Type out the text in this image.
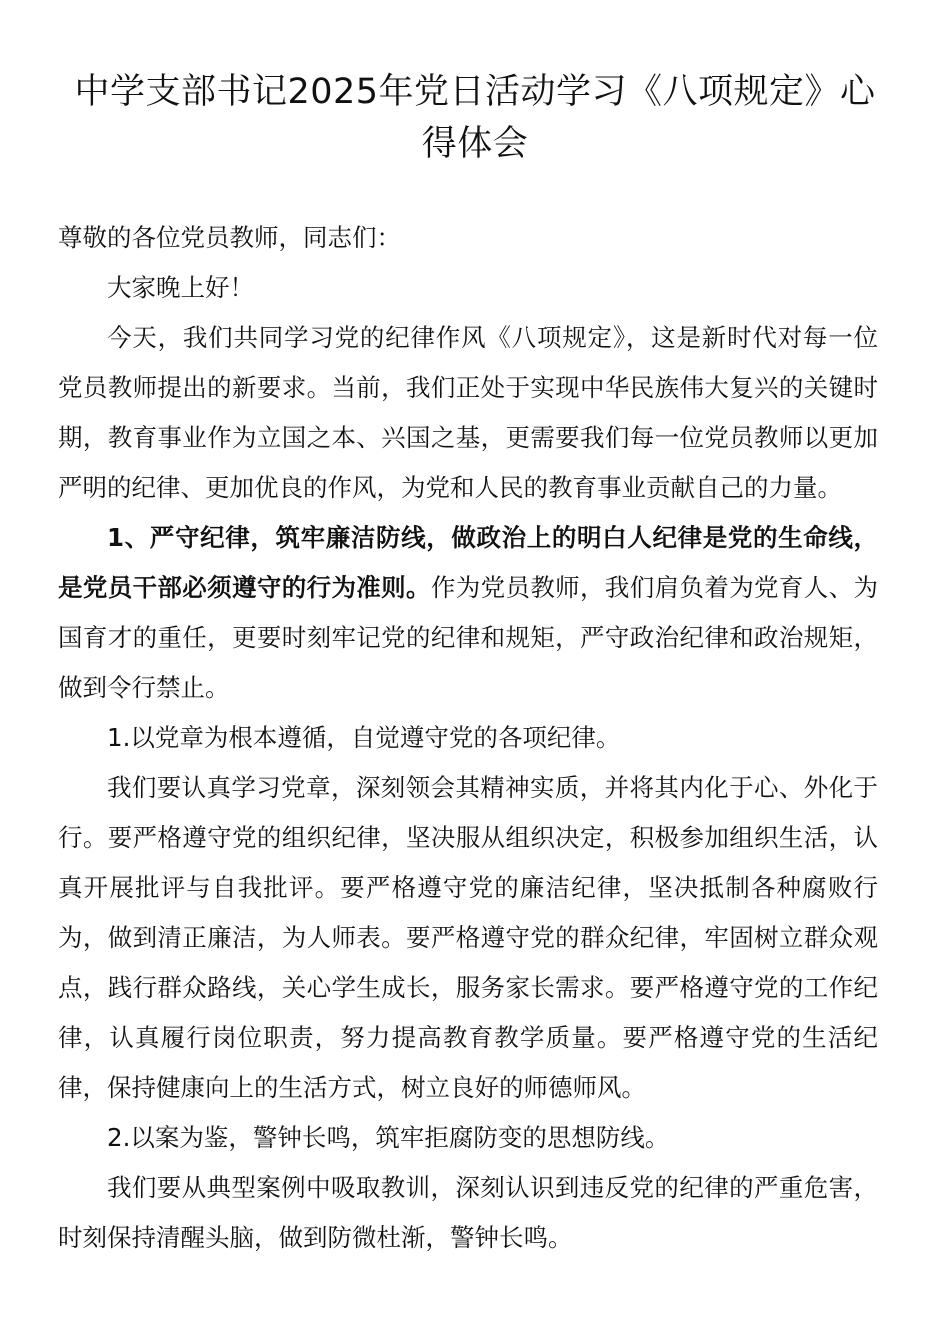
中学支部书记2025年党日活动学习《八项规定》心得体会

尊敬的各位党员教师，同志们：

大家晚上好！

今天，我们共同学习党的纪律作风《八项规定》，这是新时代对每一位党员教师提出的新要求。当前，我们正处于实现中华民族伟大复兴的关键时期，教育事业作为立国之本、兴国之基，更需要我们每一位党员教师以更加严明的纪律、更加优良的作风，为党和人民的教育事业贡献自己的力量。

1、严守纪律，筑牢廉洁防线，做政治上的明白人纪律是党的生命线，是党员干部必须遵守的行为准则。作为党员教师，我们肩负着为党育人、为国育才的重任，更要时刻牢记党的纪律和规矩，严守政治纪律和政治规矩，做到令行禁止。

1.以党章为根本遵循，自觉遵守党的各项纪律。

我们要认真学习党章，深刻领会其精神实质，并将其内化于心、外化于行。要严格遵守党的组织纪律，坚决服从组织决定，积极参加组织生活，认真开展批评与自我批评。要严格遵守党的廉洁纪律，坚决抵制各种腐败行为，做到清正廉洁，为人师表。要严格遵守党的群众纪律，牢固树立群众观点，践行群众路线，关心学生成长，服务家长需求。要严格遵守党的工作纪律，认真履行岗位职责，努力提高教育教学质量。要严格遵守党的生活纪律，保持健康向上的生活方式，树立良好的师德师风。

2.以案为鉴，警钟长鸣，筑牢拒腐防变的思想防线。

我们要从典型案例中吸取教训，深刻认识到违反党的纪律的严重危害，时刻保持清醒头脑，做到防微杜渐，警钟长鸣。
